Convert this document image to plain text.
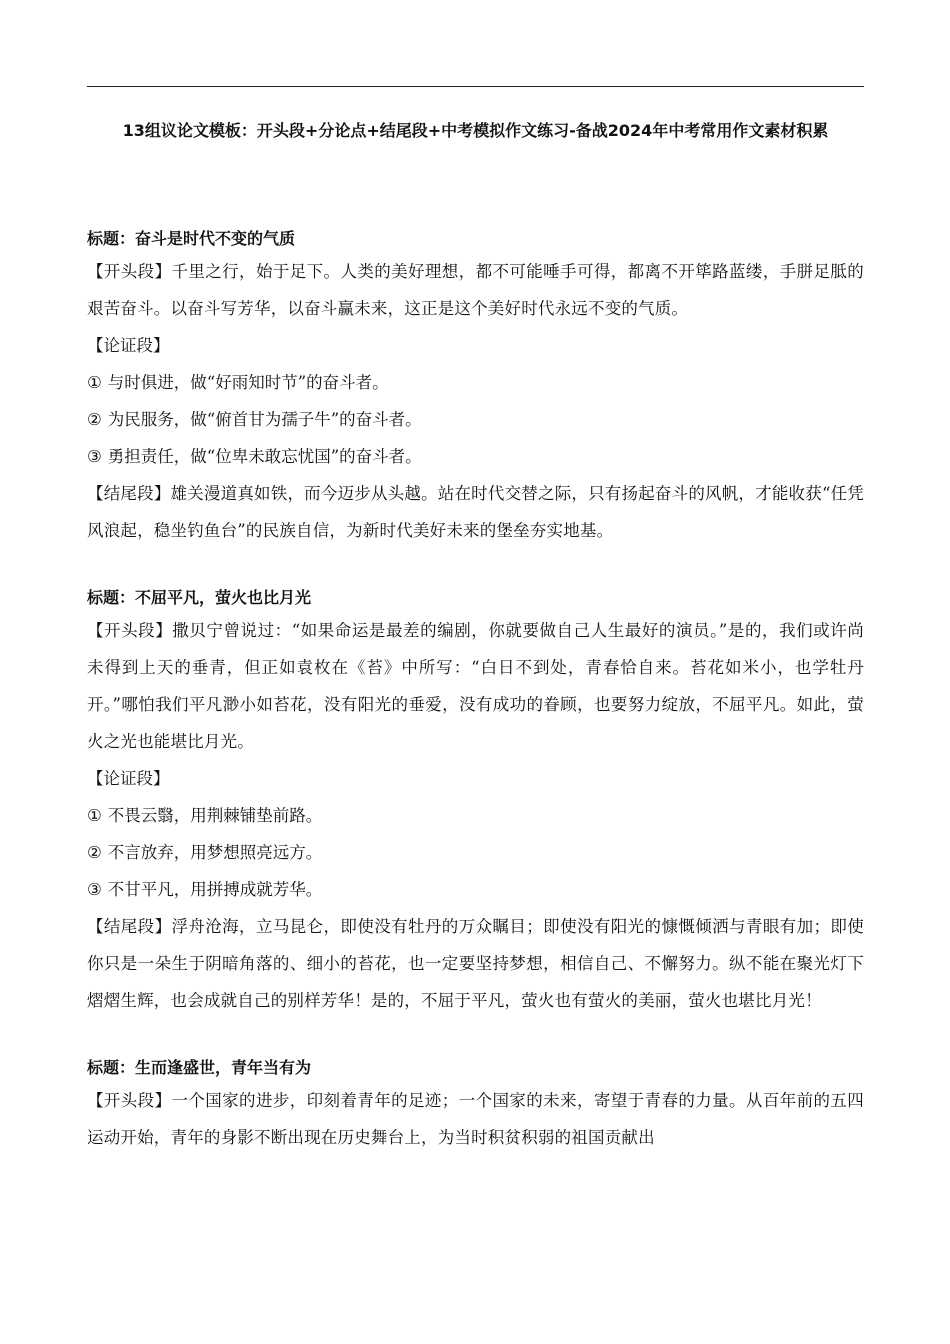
13组议论文模板：开头段+分论点+结尾段+中考模拟作文练习-备战2024年中考常用作文素材积累
标题：奋斗是时代不变的气质

【开头段】千里之行，始于足下。人类的美好理想，都不可能唾手可得，都离不开筚路蓝缕，手胼足胝的艰苦奋斗。以奋斗写芳华，以奋斗赢未来，这正是这个美好时代永远不变的气质。

【论证段】

① 与时俱进，做“好雨知时节”的奋斗者。

② 为民服务，做“俯首甘为孺子牛”的奋斗者。

③ 勇担责任，做“位卑未敢忘忧国”的奋斗者。

【结尾段】雄关漫道真如铁，而今迈步从头越。站在时代交替之际，只有扬起奋斗的风帆，才能收获“任凭风浪起，稳坐钓鱼台”的民族自信，为新时代美好未来的堡垒夯实地基。

标题：不屈平凡，萤火也比月光

【开头段】撒贝宁曾说过：“如果命运是最差的编剧，你就要做自己人生最好的演员。”是的，我们或许尚未得到上天的垂青，但正如袁枚在《苔》中所写：“白日不到处，青春恰自来。苔花如米小，也学牡丹开。”哪怕我们平凡渺小如苔花，没有阳光的垂爱，没有成功的眷顾，也要努力绽放，不屈平凡。如此，萤火之光也能堪比月光。

【论证段】

① 不畏云翳，用荆棘铺垫前路。

② 不言放弃，用梦想照亮远方。

③ 不甘平凡，用拼搏成就芳华。

【结尾段】浮舟沧海，立马昆仑，即使没有牡丹的万众瞩目；即使没有阳光的慷慨倾洒与青眼有加；即使你只是一朵生于阴暗角落的、细小的苔花，也一定要坚持梦想，相信自己、不懈努力。纵不能在聚光灯下熠熠生辉，也会成就自己的别样芳华！是的，不屈于平凡，萤火也有萤火的美丽，萤火也堪比月光！

标题：生而逢盛世，青年当有为

【开头段】一个国家的进步，印刻着青年的足迹；一个国家的未来，寄望于青春的力量。从百年前的五四运动开始，青年的身影不断出现在历史舞台上，为当时积贫积弱的祖国贡献出
